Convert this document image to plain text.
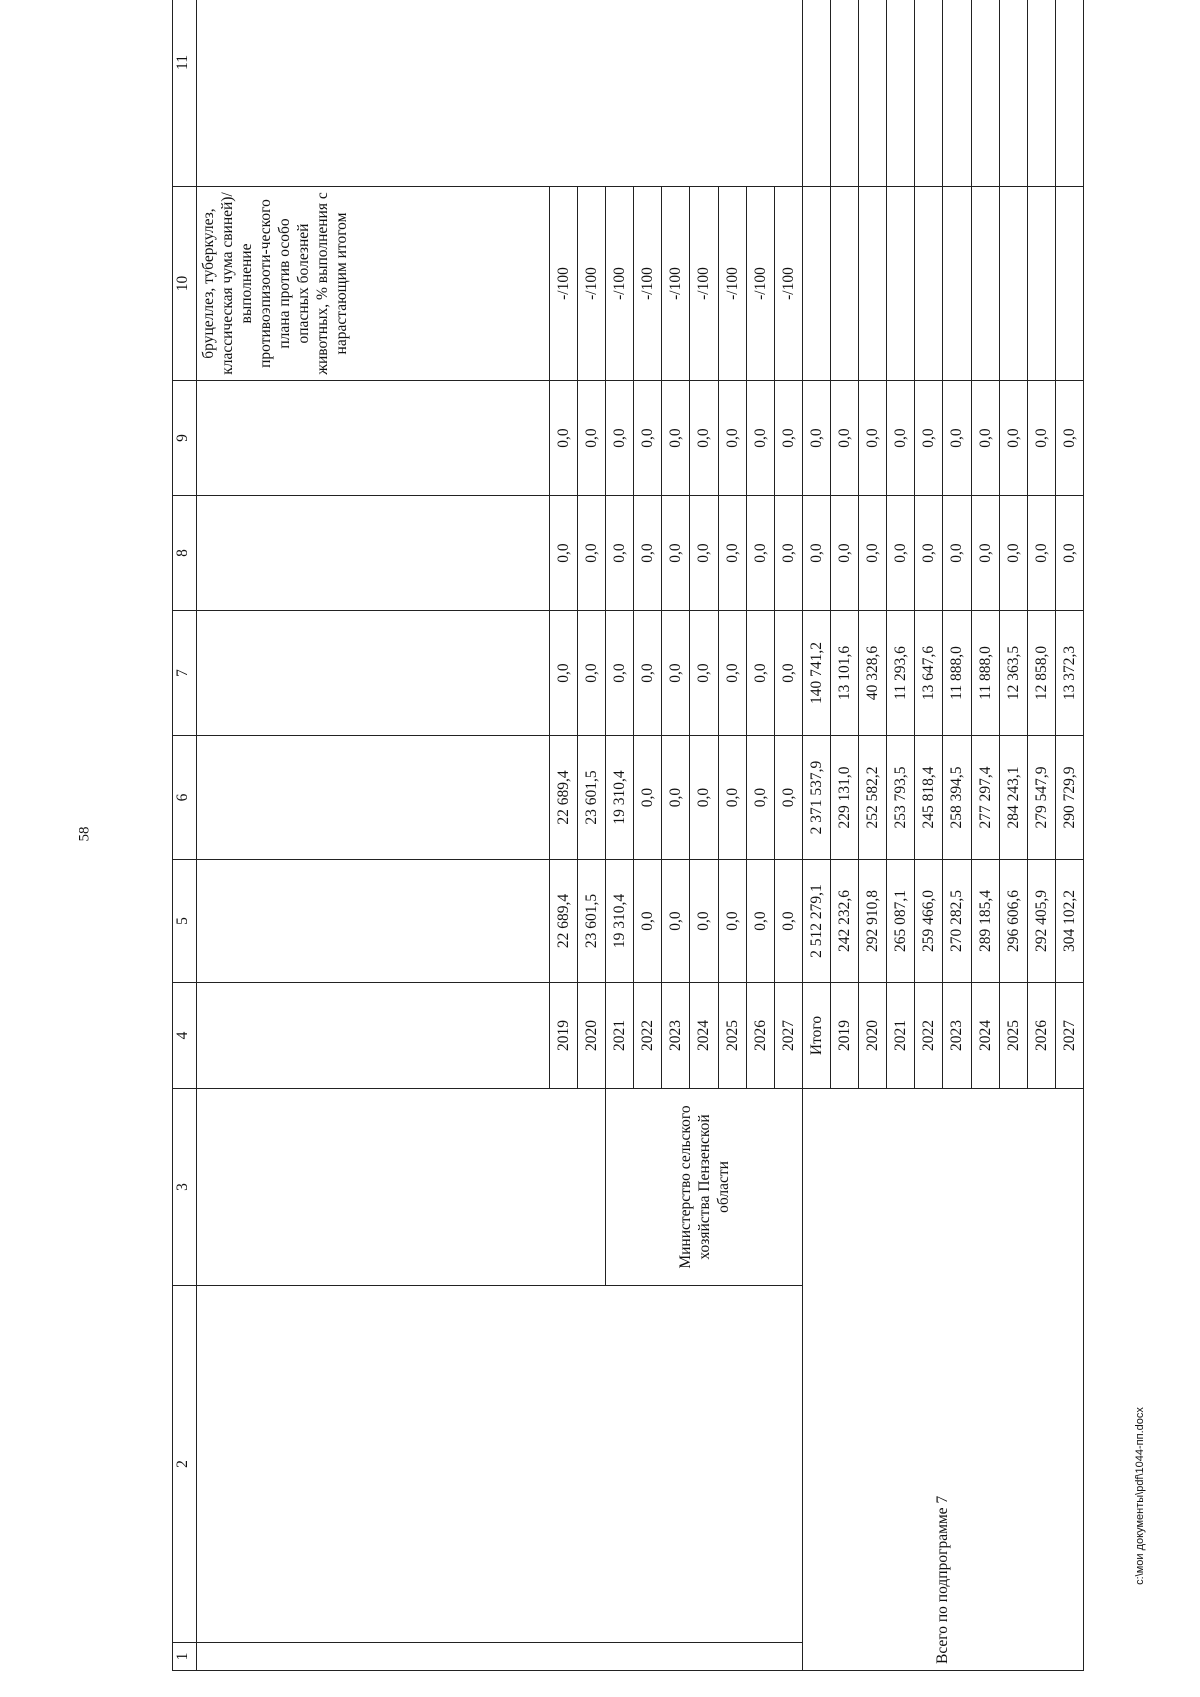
58
1	2	3	4	5	6	7	8	9	10	11
									бруцеллез, туберкулез, классическая чума свиней)/ выполнение противоэпизооти-ческого плана против особо опасных болезней животных, % выполнения с нарастающим итогом	
			2019	22 689,4	22 689,4	0,0	0,0	0,0	-/100	
			2020	23 601,5	23 601,5	0,0	0,0	0,0	-/100	
		Министерство сельского хозяйства Пензенской области	2021	19 310,4	19 310,4	0,0	0,0	0,0	-/100	
			2022	0,0	0,0	0,0	0,0	0,0	-/100	
			2023	0,0	0,0	0,0	0,0	0,0	-/100	
			2024	0,0	0,0	0,0	0,0	0,0	-/100	
			2025	0,0	0,0	0,0	0,0	0,0	-/100	
			2026	0,0	0,0	0,0	0,0	0,0	-/100	
			2027	0,0	0,0	0,0	0,0	0,0	-/100	
Всего по подпрограмме 7			Итого	2 512 279,1	2 371 537,9	140 741,2	0,0	0,0		
			2019	242 232,6	229 131,0	13 101,6	0,0	0,0		
			2020	292 910,8	252 582,2	40 328,6	0,0	0,0		
			2021	265 087,1	253 793,5	11 293,6	0,0	0,0		
			2022	259 466,0	245 818,4	13 647,6	0,0	0,0		
			2023	270 282,5	258 394,5	11 888,0	0,0	0,0		
			2024	289 185,4	277 297,4	11 888,0	0,0	0,0		
			2025	296 606,6	284 243,1	12 363,5	0,0	0,0		
			2026	292 405,9	279 547,9	12 858,0	0,0	0,0		
			2027	304 102,2	290 729,9	13 372,3	0,0	0,0		
c:\мои документы\pdf\1044-пп.docx
